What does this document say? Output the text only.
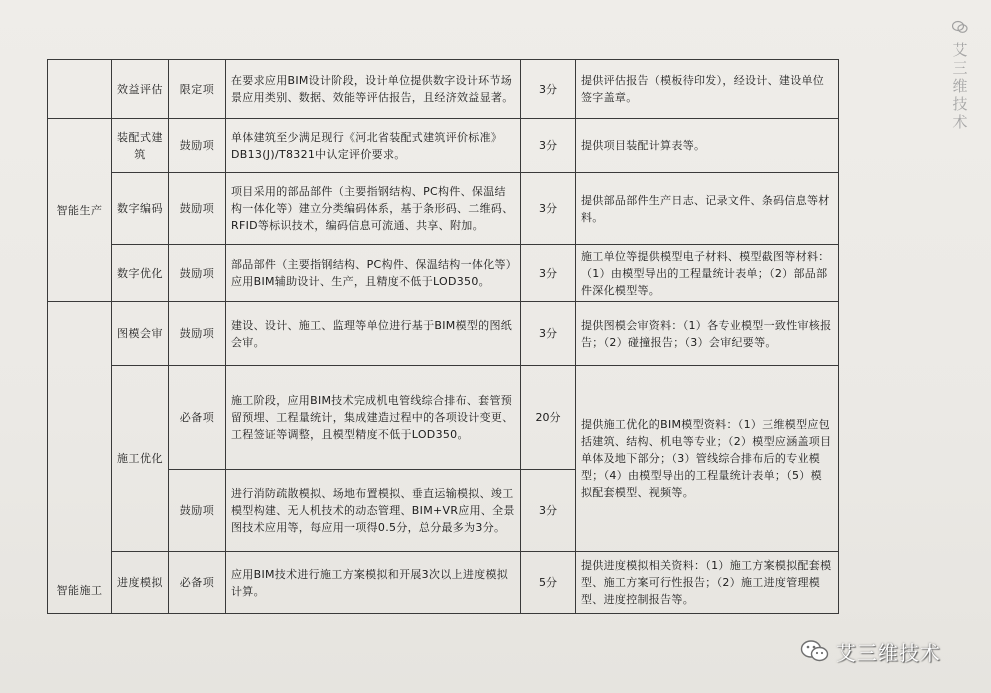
	效益评估	限定项	在要求应用BIM设计阶段，设计单位提供数字设计环节场景应用类别、数据、效能等评估报告，且经济效益显著。	3分	提供评估报告（模板待印发），经设计、建设单位签字盖章。
智能生产	装配式建筑	鼓励项	单体建筑至少满足现行《河北省装配式建筑评价标准》DB13(J)/T8321中认定评价要求。	3分	提供项目装配计算表等。
	数字编码	鼓励项	项目采用的部品部件（主要指钢结构、PC构件、保温结构一体化等）建立分类编码体系，基于条形码、二维码、RFID等标识技术，编码信息可流通、共享、附加。	3分	提供部品部件生产日志、记录文件、条码信息等材料。
	数字优化	鼓励项	部品部件（主要指钢结构、PC构件、保温结构一体化等）应用BIM辅助设计、生产，且精度不低于LOD350。	3分	施工单位等提供模型电子材料、模型截图等材料：（1）由模型导出的工程量统计表单；（2）部品部件深化模型等。
智能施工	图模会审	鼓励项	建设、设计、施工、监理等单位进行基于BIM模型的图纸会审。	3分	提供图模会审资料：（1）各专业模型一致性审核报告；（2）碰撞报告；（3）会审纪要等。
	施工优化	必备项	施工阶段，应用BIM技术完成机电管线综合排布、套管预留预埋、工程量统计，集成建造过程中的各项设计变更、工程签证等调整，且模型精度不低于LOD350。	20分	提供施工优化的BIM模型资料：（1）三维模型应包括建筑、结构、机电等专业；（2）模型应涵盖项目单体及地下部分；（3）管线综合排布后的专业模型；（4）由模型导出的工程量统计表单；（5）模拟配套模型、视频等。
		鼓励项	进行消防疏散模拟、场地布置模拟、垂直运输模拟、竣工模型构建、无人机技术的动态管理、BIM+VR应用、全景图技术应用等，每应用一项得0.5分，总分最多为3分。	3分	
	进度模拟	必备项	应用BIM技术进行施工方案模拟和开展3次以上进度模拟计算。	5分	提供进度模拟相关资料：（1）施工方案模拟配套模型、施工方案可行性报告；（2）施工进度管理模型、进度控制报告等。
艾三维技术
艾三维技术
